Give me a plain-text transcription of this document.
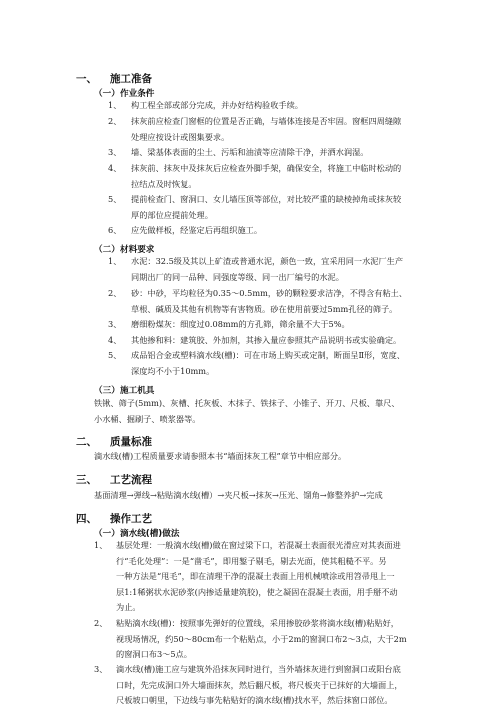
一、 施工准备
（一）作业条件
1、 构工程全部或部分完成，并办好结构验收手续。
2、 抹灰前应检查门窗框的位置是否正确，与墙体连接是否牢固。窗框四周缝隙
处理应按设计或图集要求。
3、 墙、梁基体表面的尘土、污垢和油渍等应清除干净，并洒水润湿。
4、 抹灰前、抹灰中及抹灰后应检查外脚手架，确保安全，将施工中临时松动的
拉结点及时恢复。
5、 提前检查门、窗洞口、女儿墙压顶等部位，对比较严重的缺棱掉角或抹灰较
厚的部位应提前处理。
6、 应先做样板，经鉴定后再组织施工。
（二）材料要求
1、 水泥：32.5级及其以上矿渣或普通水泥，颜色一致，宜采用同一水泥厂生产
同期出厂的同一品种、同强度等级、同一出厂编号的水泥。
2、 砂：中砂，平均粒径为0.35～0.5mm，砂的颗粒要求洁净，不得含有粘土、
草根、碱质及其他有机物等有害物质。砂在使用前要过5mm孔径的筛子。
3、 磨细粉煤灰：细度过0.08mm的方孔筛，筛余量不大于5%。
4、 其他掺和料：建筑胶、外加剂，其掺入量应参照其产品说明书或实验确定。
5、 成品铝合金或塑料滴水线(槽)：可在市场上购买或定制，断面呈Ⅱ形，宽度、
深度均不小于10mm。
（三）施工机具
铁锹、筛子(5mm)、灰槽、托灰板、木抹子、铁抹子、小锥子、开刀、尺板、靠尺、
小水桶、掘刷子、喷浆器等。
二、 质量标准
滴水线(槽)工程质量要求请参照本书“墙面抹灰工程”章节中相应部分。
三、 工艺流程
基面清理→弹线→粘贴滴水线(槽）→夹尺板→抹灰→压光、馏角→修整养护→完成
四、 操作工艺
（一）滴水线(槽)做法
1、 基层处理：一般滴水线(槽)做在窗过梁下口，若混凝土表面很光滑应对其表面进
行“毛化处理”：一是“凿毛”，即用錾子剔毛，剔去光面，使其粗糙不平。另
一种方法是“甩毛”，即在清理干净的混凝土表面上用机械喷涂或用笤帚甩上一
层1:1稀粥状水泥砂浆(内掺适量建筑胶)，使之凝固在混凝土表面，用手掰不动
为止。
2、 粘贴滴水线(槽)：按照事先弹好的位置线，采用掺胶砂浆将滴水线(槽)粘贴好，
视现场情况，约50～80cm布一个粘贴点，小于2m的窗洞口布2～3点，大于2m
的窗洞口布3～5点。
3、 滴水线(槽)施工应与建筑外沿抹灰同时进行，当外墙抹灰进行到窗洞口或阳台底
口时，先完成洞口外大墙面抹灰，然后翻尺板，将尺板夹于已抹好的大墙面上，
尺板坡口朝里，下边线与事先粘贴好的滴水线(槽)找水平，然后抹窗口部位。
